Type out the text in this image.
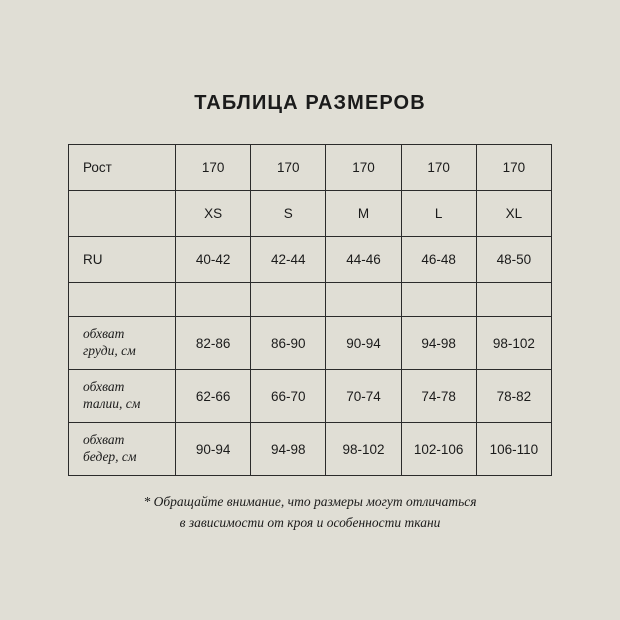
ТАБЛИЦА РАЗМЕРОВ
Рост	170	170	170	170	170
	XS	S	M	L	XL
RU	40-42	42-44	44-46	46-48	48-50

обхват
груди, см	82-86	86-90	90-94	94-98	98-102

обхват
талии, см	62-66	66-70	70-74	74-78	78-82

обхват
бедер, см	90-94	94-98	98-102	102-106	106-110
* Обращайте внимание, что размеры могут отличаться
в зависимости от кроя и особенности ткани
